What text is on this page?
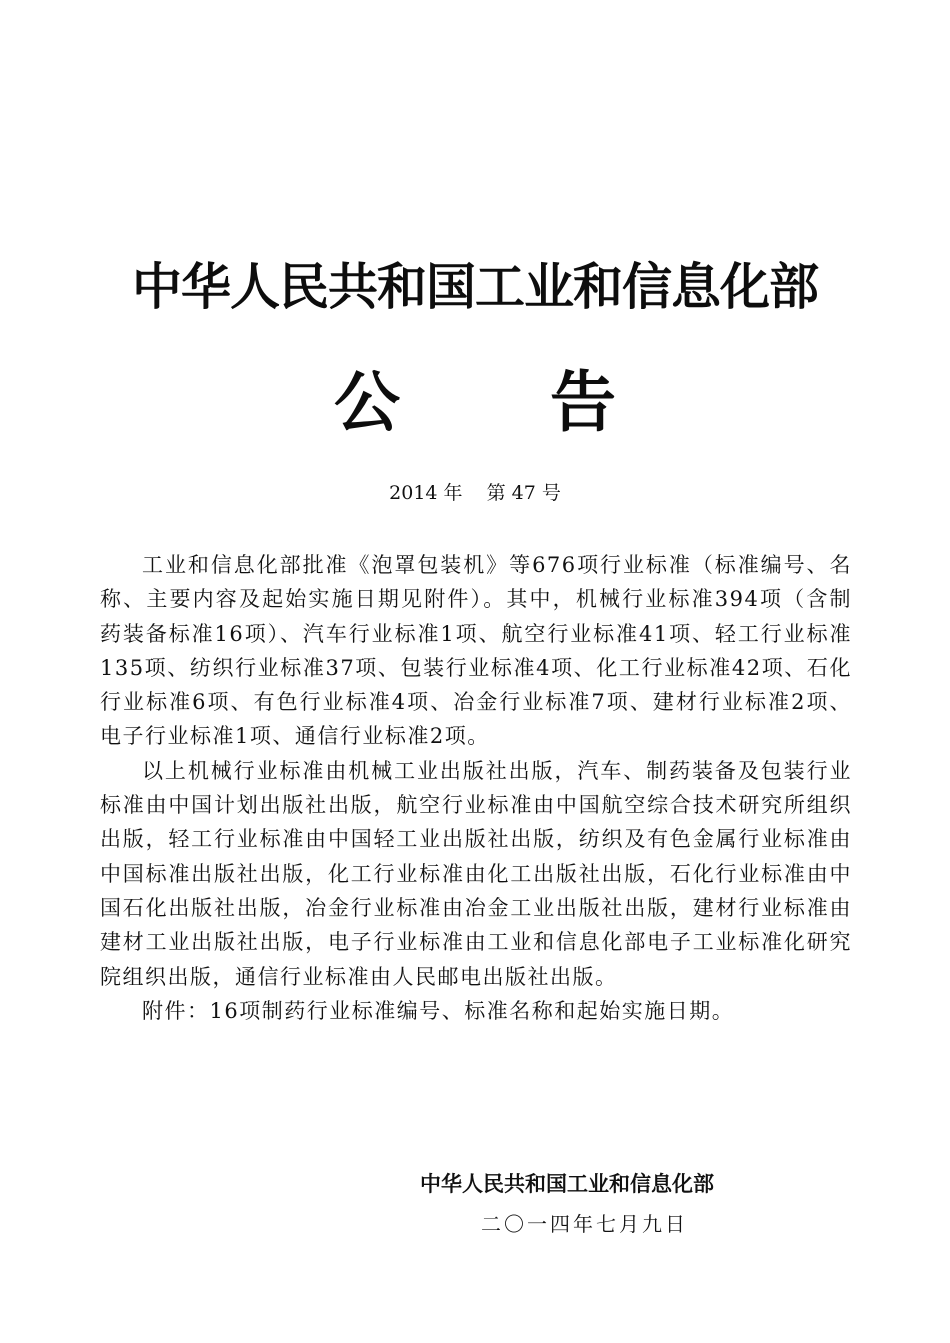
中华人民共和国工业和信息化部
公 告

2014 年 第 47 号

工业和信息化部批准《泡罩包装机》等676项行业标准（标准编号、名称、主要内容及起始实施日期见附件）。其中，机械行业标准394项（含制药装备标准16项）、汽车行业标准1项、航空行业标准41项、轻工行业标准135项、纺织行业标准37项、包装行业标准4项、化工行业标准42项、石化行业标准6项、有色行业标准4项、冶金行业标准7项、建材行业标准2项、电子行业标准1项、通信行业标准2项。

以上机械行业标准由机械工业出版社出版，汽车、制药装备及包装行业标准由中国计划出版社出版，航空行业标准由中国航空综合技术研究所组织出版，轻工行业标准由中国轻工业出版社出版，纺织及有色金属行业标准由中国标准出版社出版，化工行业标准由化工出版社出版，石化行业标准由中国石化出版社出版，冶金行业标准由冶金工业出版社出版，建材行业标准由建材工业出版社出版，电子行业标准由工业和信息化部电子工业标准化研究院组织出版，通信行业标准由人民邮电出版社出版。

附件：16项制药行业标准编号、标准名称和起始实施日期。

中华人民共和国工业和信息化部

二〇一四年七月九日
